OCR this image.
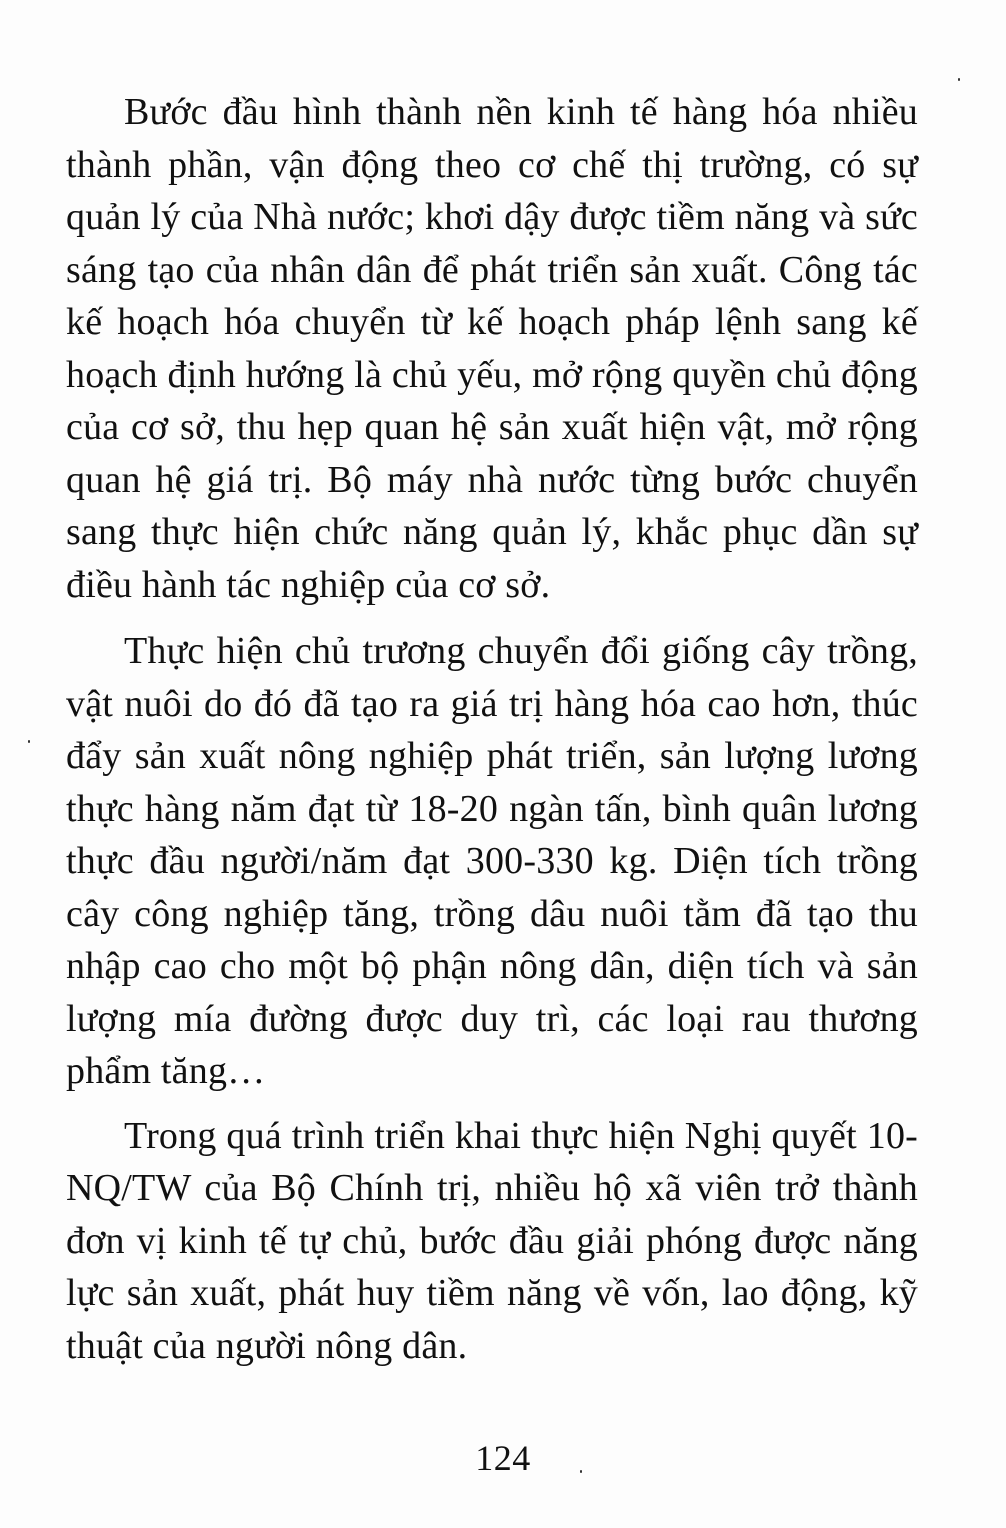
Bước đầu hình thành nền kinh tế hàng hóa nhiều thành phần, vận động theo cơ chế thị trường, có sự quản lý của Nhà nước; khơi dậy được tiềm năng và sức sáng tạo của nhân dân để phát triển sản xuất. Công tác kế hoạch hóa chuyển từ kế hoạch pháp lệnh sang kế hoạch định hướng là chủ yếu, mở rộng quyền chủ động của cơ sở, thu hẹp quan hệ sản xuất hiện vật, mở rộng quan hệ giá trị. Bộ máy nhà nước từng bước chuyển sang thực hiện chức năng quản lý, khắc phục dần sự điều hành tác nghiệp của cơ sở.

Thực hiện chủ trương chuyển đổi giống cây trồng, vật nuôi do đó đã tạo ra giá trị hàng hóa cao hơn, thúc đẩy sản xuất nông nghiệp phát triển, sản lượng lương thực hàng năm đạt từ 18-20 ngàn tấn, bình quân lương thực đầu người/năm đạt 300-330 kg. Diện tích trồng cây công nghiệp tăng, trồng dâu nuôi tằm đã tạo thu nhập cao cho một bộ phận nông dân, diện tích và sản lượng mía đường được duy trì, các loại rau thương phẩm tăng…

Trong quá trình triển khai thực hiện Nghị quyết 10-NQ/TW của Bộ Chính trị, nhiều hộ xã viên trở thành đơn vị kinh tế tự chủ, bước đầu giải phóng được năng lực sản xuất, phát huy tiềm năng về vốn, lao động, kỹ thuật của người nông dân.

124
